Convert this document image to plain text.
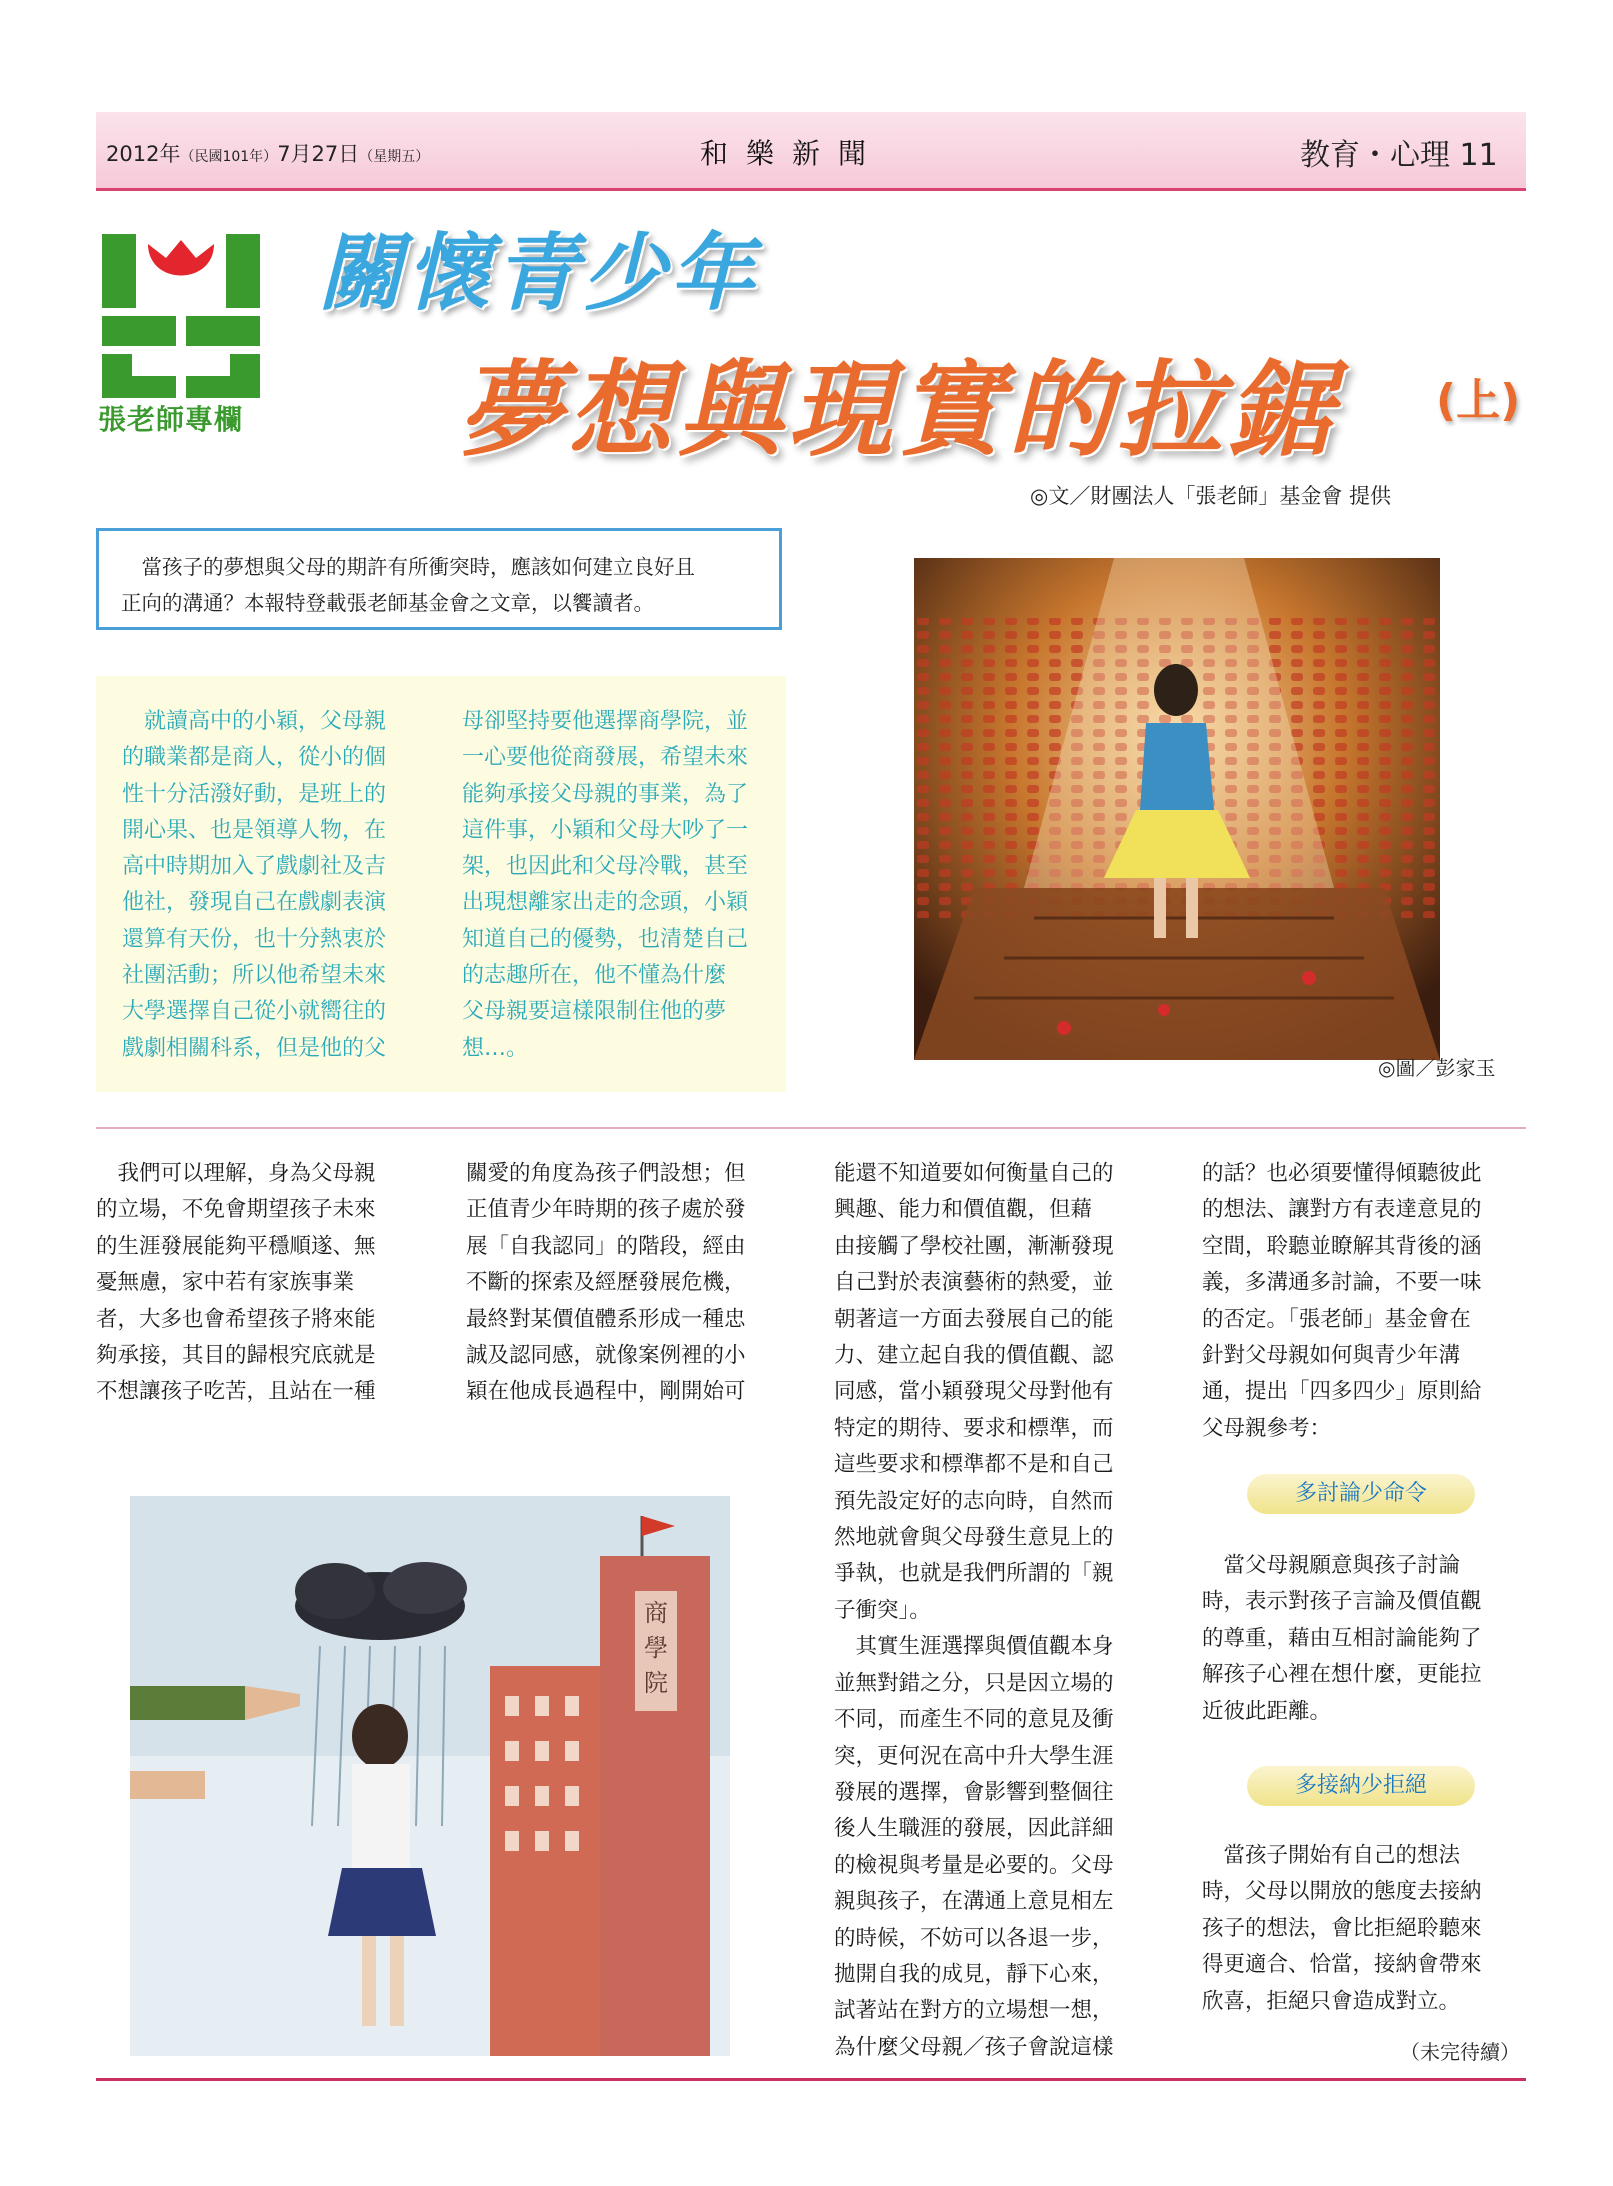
2012年（民國101年）7月27日（星期五）	和樂新聞	教育・心理 11
張老師專欄
關懷青少年
夢想與現實的拉鋸 (上)
◎文／財團法人「張老師」基金會 提供
　當孩子的夢想與父母的期許有所衝突時，應該如何建立良好且
正向的溝通？本報特登載張老師基金會之文章，以饗讀者。
　就讀高中的小穎，父母親
的職業都是商人，從小的個
性十分活潑好動，是班上的
開心果、也是領導人物，在
高中時期加入了戲劇社及吉
他社，發現自己在戲劇表演
還算有天份，也十分熱衷於
社團活動；所以他希望未來
大學選擇自己從小就嚮往的
戲劇相關科系，但是他的父
母卻堅持要他選擇商學院，並
一心要他從商發展，希望未來
能夠承接父母親的事業，為了
這件事，小穎和父母大吵了一
架，也因此和父母冷戰，甚至
出現想離家出走的念頭，小穎
知道自己的優勢，也清楚自己
的志趣所在，他不懂為什麼
父母親要這樣限制住他的夢
想…。
◎圖／彭家玉
　我們可以理解，身為父母親
的立場，不免會期望孩子未來
的生涯發展能夠平穩順遂、無
憂無慮，家中若有家族事業
者，大多也會希望孩子將來能
夠承接，其目的歸根究底就是
不想讓孩子吃苦，且站在一種
關愛的角度為孩子們設想；但
正值青少年時期的孩子處於發
展「自我認同」的階段，經由
不斷的探索及經歷發展危機，
最終對某價值體系形成一種忠
誠及認同感，就像案例裡的小
穎在他成長過程中，剛開始可
能還不知道要如何衡量自己的
興趣、能力和價值觀，但藉
由接觸了學校社團，漸漸發現
自己對於表演藝術的熱愛，並
朝著這一方面去發展自己的能
力、建立起自我的價值觀、認
同感，當小穎發現父母對他有
特定的期待、要求和標準，而
這些要求和標準都不是和自己
預先設定好的志向時，自然而
然地就會與父母發生意見上的
爭執，也就是我們所謂的「親
子衝突」。
　其實生涯選擇與價值觀本身
並無對錯之分，只是因立場的
不同，而產生不同的意見及衝
突，更何況在高中升大學生涯
發展的選擇，會影響到整個往
後人生職涯的發展，因此詳細
的檢視與考量是必要的。父母
親與孩子，在溝通上意見相左
的時候，不妨可以各退一步，
拋開自我的成見，靜下心來，
試著站在對方的立場想一想，
為什麼父母親／孩子會說這樣
的話？也必須要懂得傾聽彼此
的想法、讓對方有表達意見的
空間，聆聽並瞭解其背後的涵
義，多溝通多討論，不要一味
的否定。「張老師」基金會在
針對父母親如何與青少年溝
通，提出「四多四少」原則給
父母親參考：
多討論少命令
　當父母親願意與孩子討論
時，表示對孩子言論及價值觀
的尊重，藉由互相討論能夠了
解孩子心裡在想什麼，更能拉
近彼此距離。
多接納少拒絕
　當孩子開始有自己的想法
時，父母以開放的態度去接納
孩子的想法，會比拒絕聆聽來
得更適合、恰當，接納會帶來
欣喜，拒絕只會造成對立。
（未完待續）
商
學
院
